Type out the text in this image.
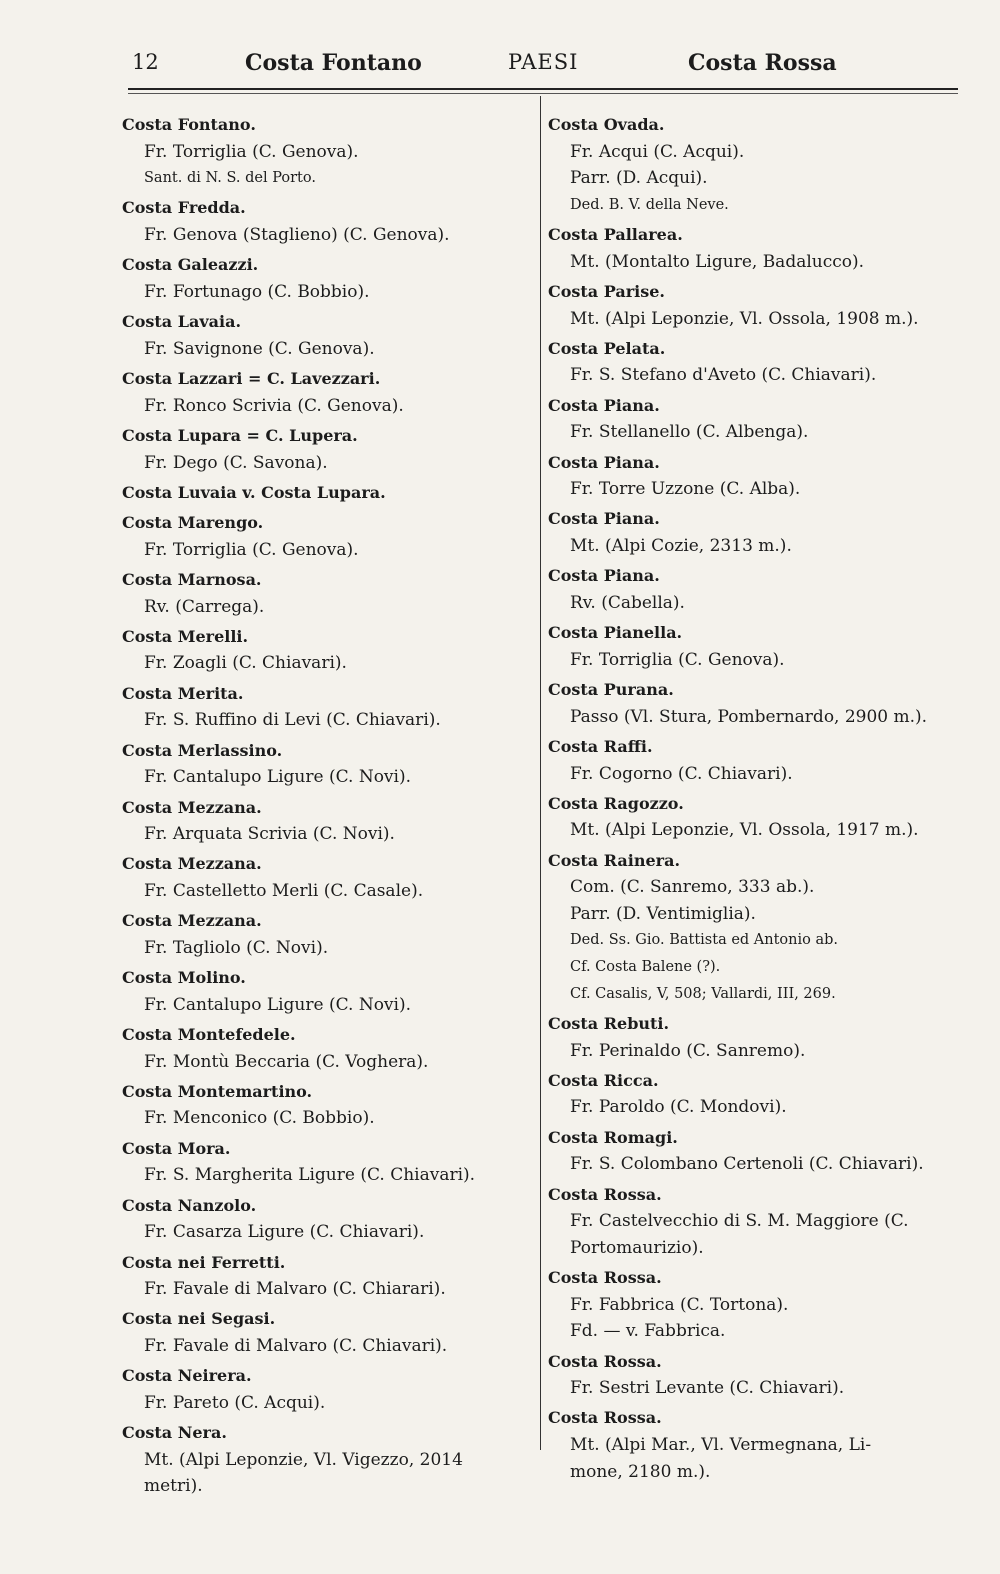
12	Costa Fontano	PAESI	Costa Rossa
Costa Fontano.
Fr. Torriglia (C. Genova).
Sant. di N. S. del Porto.
Costa Fredda.
Fr. Genova (Staglieno) (C. Genova).
Costa Galeazzi.
Fr. Fortunago (C. Bobbio).
Costa Lavaia.
Fr. Savignone (C. Genova).
Costa Lazzari = C. Lavezzari.
Fr. Ronco Scrivia (C. Genova).
Costa Lupara = C. Lupera.
Fr. Dego (C. Savona).
Costa Luvaia v. Costa Lupara.
Costa Marengo.
Fr. Torriglia (C. Genova).
Costa Marnosa.
Rv. (Carrega).
Costa Merelli.
Fr. Zoagli (C. Chiavari).
Costa Merita.
Fr. S. Ruffino di Levi (C. Chiavari).
Costa Merlassino.
Fr. Cantalupo Ligure (C. Novi).
Costa Mezzana.
Fr. Arquata Scrivia (C. Novi).
Costa Mezzana.
Fr. Castelletto Merli (C. Casale).
Costa Mezzana.
Fr. Tagliolo (C. Novi).
Costa Molino.
Fr. Cantalupo Ligure (C. Novi).
Costa Montefedele.
Fr. Montù Beccaria (C. Voghera).
Costa Montemartino.
Fr. Menconico (C. Bobbio).
Costa Mora.
Fr. S. Margherita Ligure (C. Chiavari).
Costa Nanzolo.
Fr. Casarza Ligure (C. Chiavari).
Costa nei Ferretti.
Fr. Favale di Malvaro (C. Chiarari).
Costa nei Segasi.
Fr. Favale di Malvaro (C. Chiavari).
Costa Neirera.
Fr. Pareto (C. Acqui).
Costa Nera.
Mt. (Alpi Leponzie, Vl. Vigezzo, 2014
metri).
Costa Ovada.
Fr. Acqui (C. Acqui).
Parr. (D. Acqui).
Ded. B. V. della Neve.
Costa Pallarea.
Mt. (Montalto Ligure, Badalucco).
Costa Parise.
Mt. (Alpi Leponzie, Vl. Ossola, 1908 m.).
Costa Pelata.
Fr. S. Stefano d'Aveto (C. Chiavari).
Costa Piana.
Fr. Stellanello (C. Albenga).
Costa Piana.
Fr. Torre Uzzone (C. Alba).
Costa Piana.
Mt. (Alpi Cozie, 2313 m.).
Costa Piana.
Rv. (Cabella).
Costa Pianella.
Fr. Torriglia (C. Genova).
Costa Purana.
Passo (Vl. Stura, Pombernardo, 2900 m.).
Costa Raffi.
Fr. Cogorno (C. Chiavari).
Costa Ragozzo.
Mt. (Alpi Leponzie, Vl. Ossola, 1917 m.).
Costa Rainera.
Com. (C. Sanremo, 333 ab.).
Parr. (D. Ventimiglia).
Ded. Ss. Gio. Battista ed Antonio ab.
Cf. Costa Balene (?).
Cf. Casalis, V, 508; Vallardi, III, 269.
Costa Rebuti.
Fr. Perinaldo (C. Sanremo).
Costa Ricca.
Fr. Paroldo (C. Mondovi).
Costa Romagi.
Fr. S. Colombano Certenoli (C. Chiavari).
Costa Rossa.
Fr. Castelvecchio di S. M. Maggiore (C.
Portomaurizio).
Costa Rossa.
Fr. Fabbrica (C. Tortona).
Fd. — v. Fabbrica.
Costa Rossa.
Fr. Sestri Levante (C. Chiavari).
Costa Rossa.
Mt. (Alpi Mar., Vl. Vermegnana, Li-
mone, 2180 m.).
